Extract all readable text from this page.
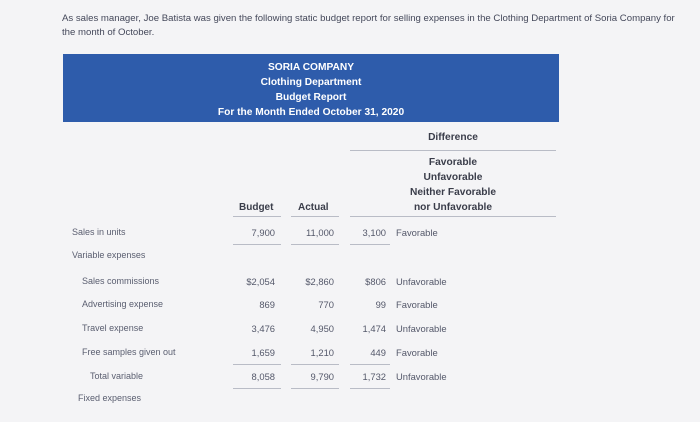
As sales manager, Joe Batista was given the following static budget report for selling expenses in the Clothing Department of Soria Company for the month of October.
SORIA COMPANY
Clothing Department
Budget Report
For the Month Ended October 31, 2020
Difference
Favorable
Unfavorable
Neither Favorable
nor Unfavorable
Budget Actual
Sales in units	7,900	11,000	3,100 Favorable
Variable expenses
Sales commissions	$2,054	$2,860	$806 Unfavorable
Advertising expense	869	770	99 Favorable
Travel expense	3,476	4,950	1,474 Unfavorable
Free samples given out	1,659	1,210	449 Favorable
Total variable	8,058	9,790	1,732 Unfavorable
Fixed expenses
